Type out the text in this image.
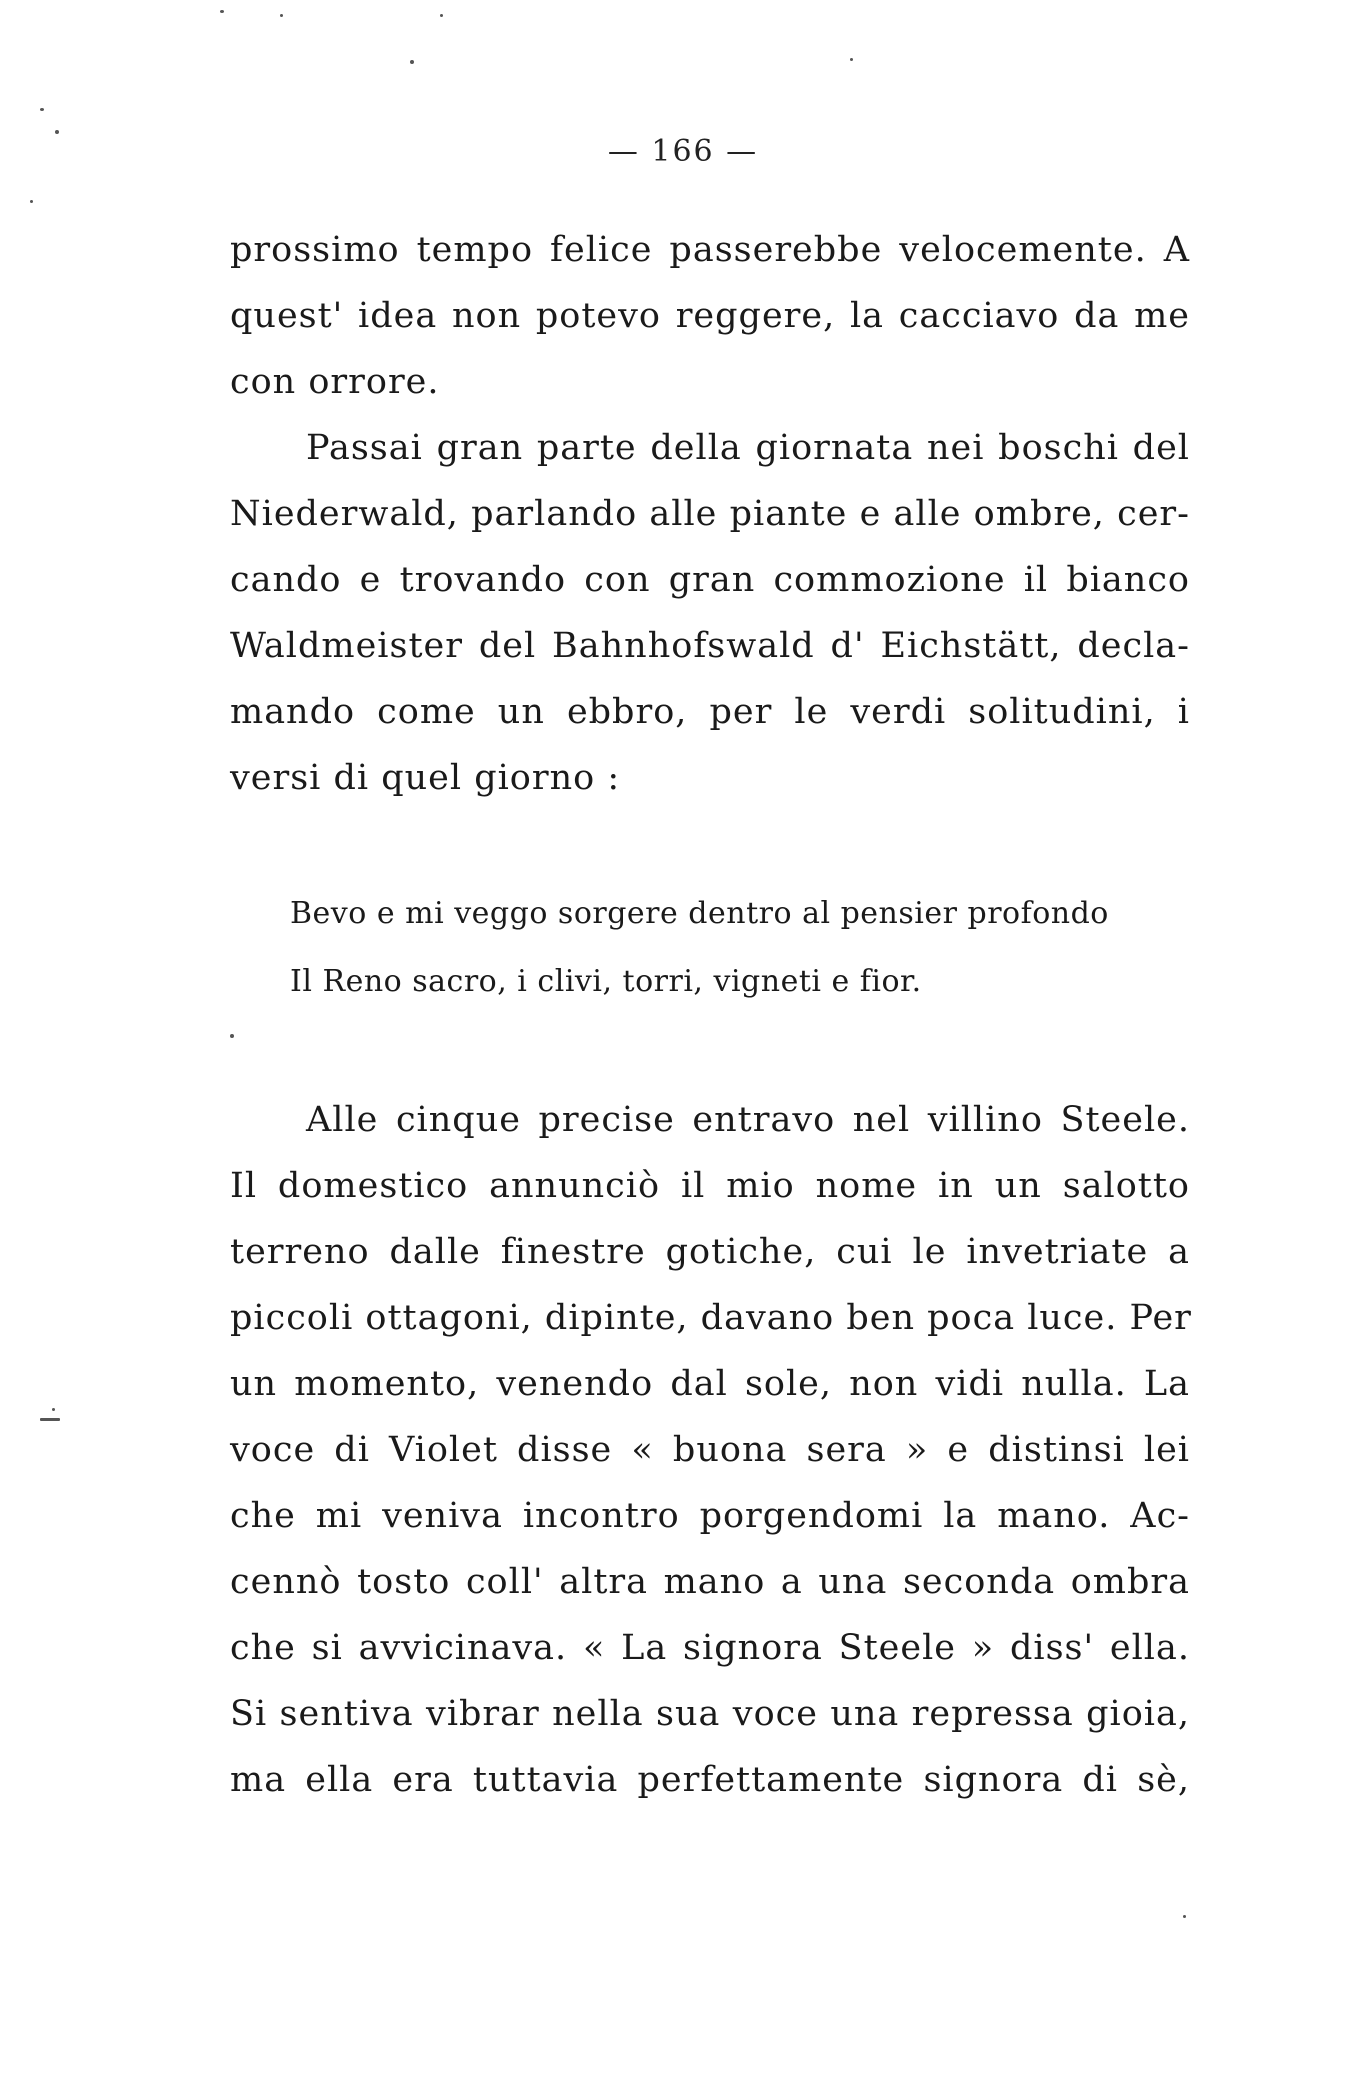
— 166 —
prossimo tempo felice passerebbe velocemente. A
quest' idea non potevo reggere, la cacciavo da me
con orrore.
Passai gran parte della giornata nei boschi del
Niederwald, parlando alle piante e alle ombre, cer-
cando e trovando con gran commozione il bianco
Waldmeister del Bahnhofswald d' Eichstätt, decla-
mando come un ebbro, per le verdi solitudini, i
versi di quel giorno :
Bevo e mi veggo sorgere dentro al pensier profondo
Il Reno sacro, i clivi, torri, vigneti e fior.
Alle cinque precise entravo nel villino Steele.
Il domestico annunciò il mio nome in un salotto
terreno dalle finestre gotiche, cui le invetriate a
piccoli ottagoni, dipinte, davano ben poca luce. Per
un momento, venendo dal sole, non vidi nulla. La
voce di Violet disse « buona sera » e distinsi lei
che mi veniva incontro porgendomi la mano. Ac-
cennò tosto coll' altra mano a una seconda ombra
che si avvicinava. « La signora Steele » diss' ella.
Si sentiva vibrar nella sua voce una repressa gioia,
ma ella era tuttavia perfettamente signora di sè,
